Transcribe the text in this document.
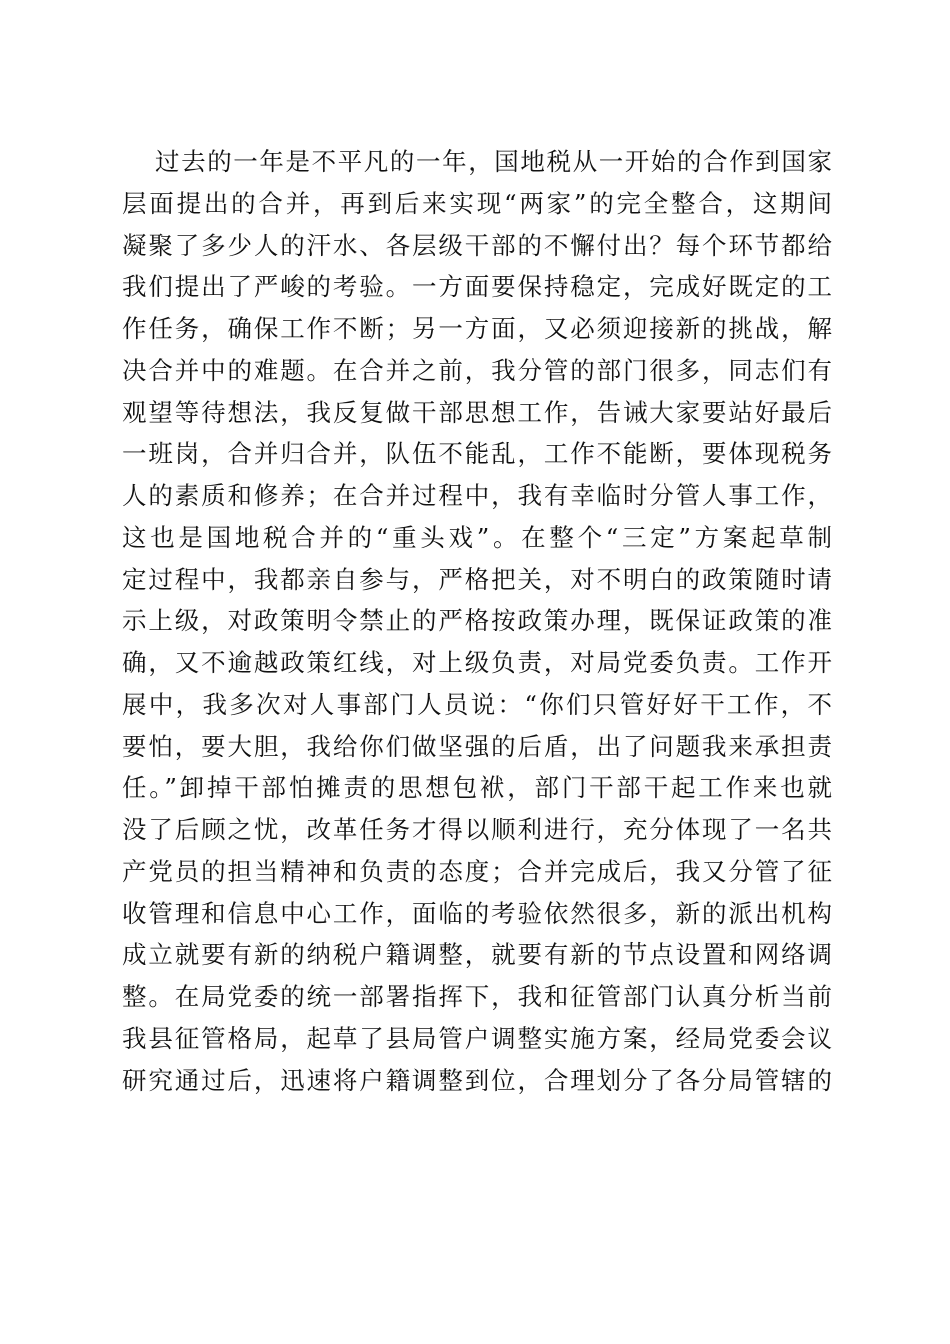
过去的一年是不平凡的一年，国地税从一开始的合作到国家
层面提出的合并，再到后来实现“两家”的完全整合，这期间
凝聚了多少人的汗水、各层级干部的不懈付出？每个环节都给
我们提出了严峻的考验。一方面要保持稳定，完成好既定的工
作任务，确保工作不断；另一方面，又必须迎接新的挑战，解
决合并中的难题。在合并之前，我分管的部门很多，同志们有
观望等待想法，我反复做干部思想工作，告诫大家要站好最后
一班岗，合并归合并，队伍不能乱，工作不能断，要体现税务
人的素质和修养；在合并过程中，我有幸临时分管人事工作，
这也是国地税合并的“重头戏”。在整个“三定”方案起草制
定过程中，我都亲自参与，严格把关，对不明白的政策随时请
示上级，对政策明令禁止的严格按政策办理，既保证政策的准
确，又不逾越政策红线，对上级负责，对局党委负责。工作开
展中，我多次对人事部门人员说：“你们只管好好干工作，不
要怕，要大胆，我给你们做坚强的后盾，出了问题我来承担责
任。”卸掉干部怕摊责的思想包袱，部门干部干起工作来也就
没了后顾之忧，改革任务才得以顺利进行，充分体现了一名共
产党员的担当精神和负责的态度；合并完成后，我又分管了征
收管理和信息中心工作，面临的考验依然很多，新的派出机构
成立就要有新的纳税户籍调整，就要有新的节点设置和网络调
整。在局党委的统一部署指挥下，我和征管部门认真分析当前
我县征管格局，起草了县局管户调整实施方案，经局党委会议
研究通过后，迅速将户籍调整到位，合理划分了各分局管辖的
